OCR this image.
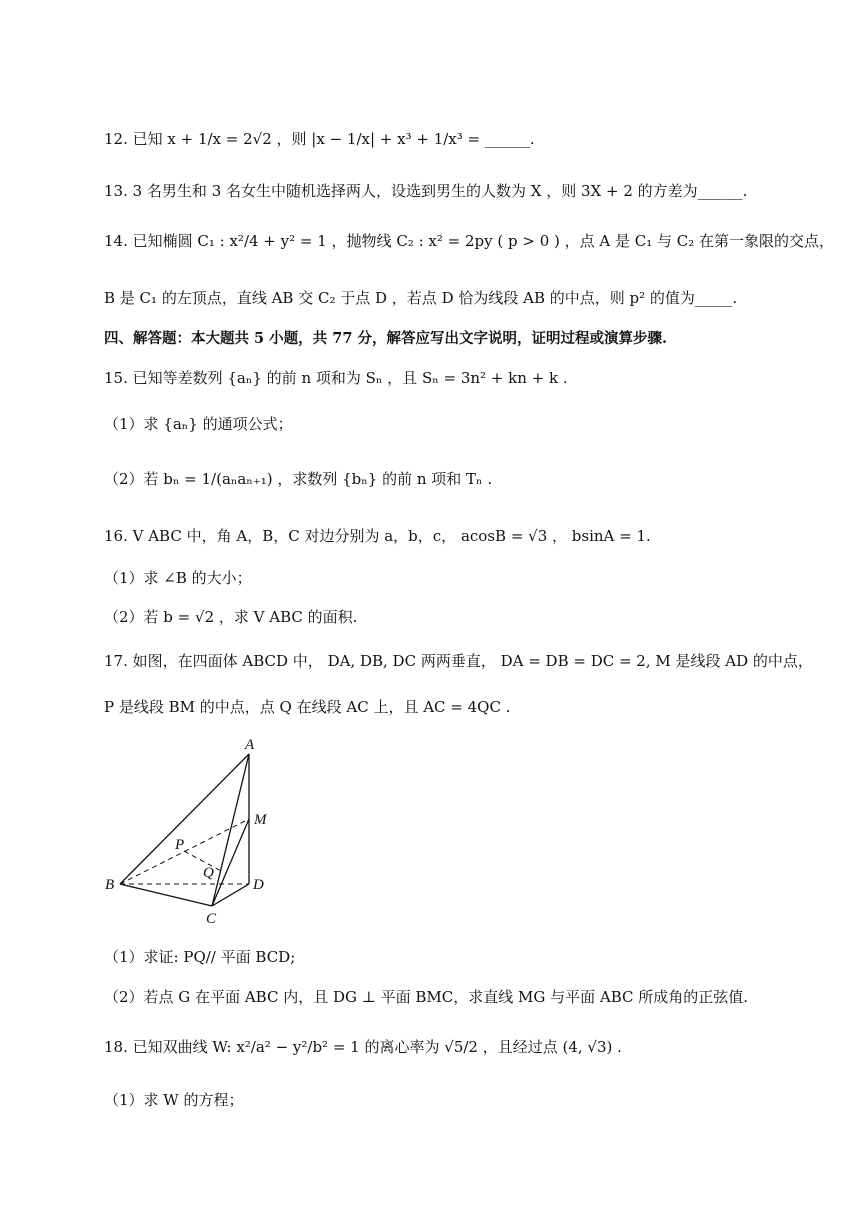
12. 已知 x + 1/x = 2√2 ，则 |x − 1/x| + x³ + 1/x³ = ______.
13. 3 名男生和 3 名女生中随机选择两人，设选到男生的人数为 X ，则 3X + 2 的方差为______.
14. 已知椭圆 C₁ : x²/4 + y² = 1 ，抛物线 C₂ : x² = 2py ( p > 0 ) ，点 A 是 C₁ 与 C₂ 在第一象限的交点，
B 是 C₁ 的左顶点，直线 AB 交 C₂ 于点 D ，若点 D 恰为线段 AB 的中点，则 p² 的值为_____.
四、解答题：本大题共 5 小题，共 77 分，解答应写出文字说明，证明过程或演算步骤.
15. 已知等差数列 {aₙ} 的前 n 项和为 Sₙ ，且 Sₙ = 3n² + kn + k .
（1）求 {aₙ} 的通项公式；
（2）若 bₙ = 1/(aₙaₙ₊₁) ，求数列 {bₙ} 的前 n 项和 Tₙ .
16. V ABC 中，角 A，B，C 对边分别为 a，b，c， acosB = √3 ， bsinA = 1.
（1）求 ∠B 的大小；
（2）若 b = √2 ，求 V ABC 的面积.
17. 如图，在四面体 ABCD 中， DA, DB, DC 两两垂直， DA = DB = DC = 2, M 是线段 AD 的中点，
P 是线段 BM 的中点，点 Q 在线段 AC 上，且 AC = 4QC .
A
M
P
Q
B	D
C
（1）求证: PQ// 平面 BCD;
（2）若点 G 在平面 ABC 内，且 DG ⊥ 平面 BMC，求直线 MG 与平面 ABC 所成角的正弦值.
18. 已知双曲线 W: x²/a² − y²/b² = 1 的离心率为 √5/2 ，且经过点 (4, √3) .
（1）求 W 的方程；
